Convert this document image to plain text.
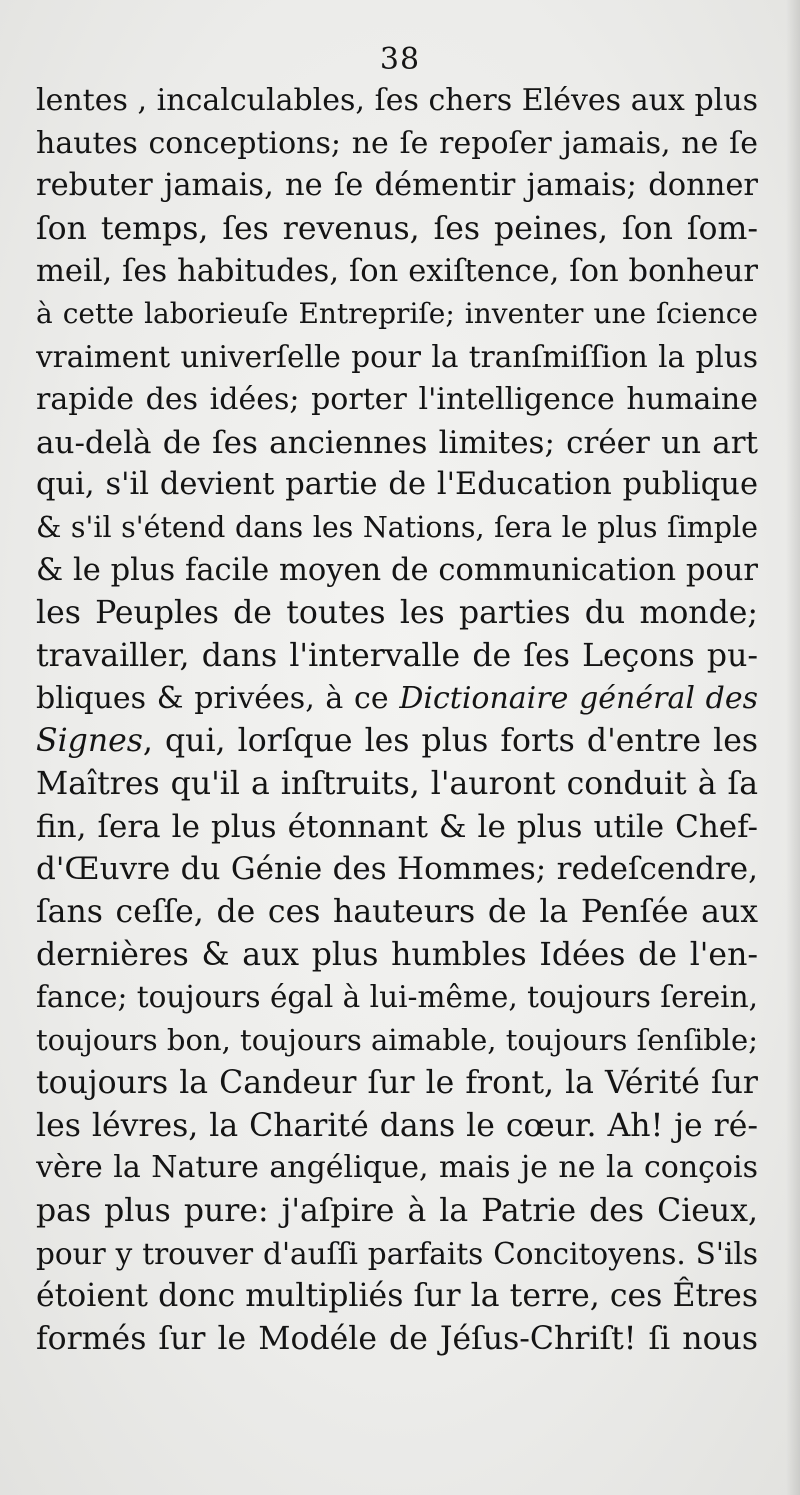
38
lentes , incalculables, ſes chers Eléves aux plus
hautes conceptions; ne ſe repoſer jamais, ne ſe
rebuter jamais, ne ſe démentir jamais; donner
ſon temps, ſes revenus, ſes peines, ſon ſom-
meil, ſes habitudes, ſon exiſtence, ſon bonheur
à cette laborieuſe Entrepriſe; inventer une ſcience
vraiment univerſelle pour la tranſmiſſion la plus
rapide des idées; porter l'intelligence humaine
au-delà de ſes anciennes limites; créer un art
qui, s'il devient partie de l'Education publique
& s'il s'étend dans les Nations, ſera le plus ſimple
& le plus facile moyen de communication pour
les Peuples de toutes les parties du monde;
travailler, dans l'intervalle de ſes Leçons pu-
bliques & privées, à ce Dictionaire général des
Signes, qui, lorſque les plus forts d'entre les
Maîtres qu'il a inſtruits, l'auront conduit à ſa
fin, ſera le plus étonnant & le plus utile Chef-
d'Œuvre du Génie des Hommes; redeſcendre,
ſans ceſſe, de ces hauteurs de la Penſée aux
dernières & aux plus humbles Idées de l'en-
fance; toujours égal à lui-même, toujours ſerein,
toujours bon, toujours aimable, toujours ſenſible;
toujours la Candeur ſur le front, la Vérité ſur
les lévres, la Charité dans le cœur. Ah! je ré-
vère la Nature angélique, mais je ne la conçois
pas plus pure: j'aſpire à la Patrie des Cieux,
pour y trouver d'auſſi parfaits Concitoyens. S'ils
étoient donc multipliés ſur la terre, ces Êtres
formés ſur le Modéle de Jéſus-Chriſt! ſi nous
